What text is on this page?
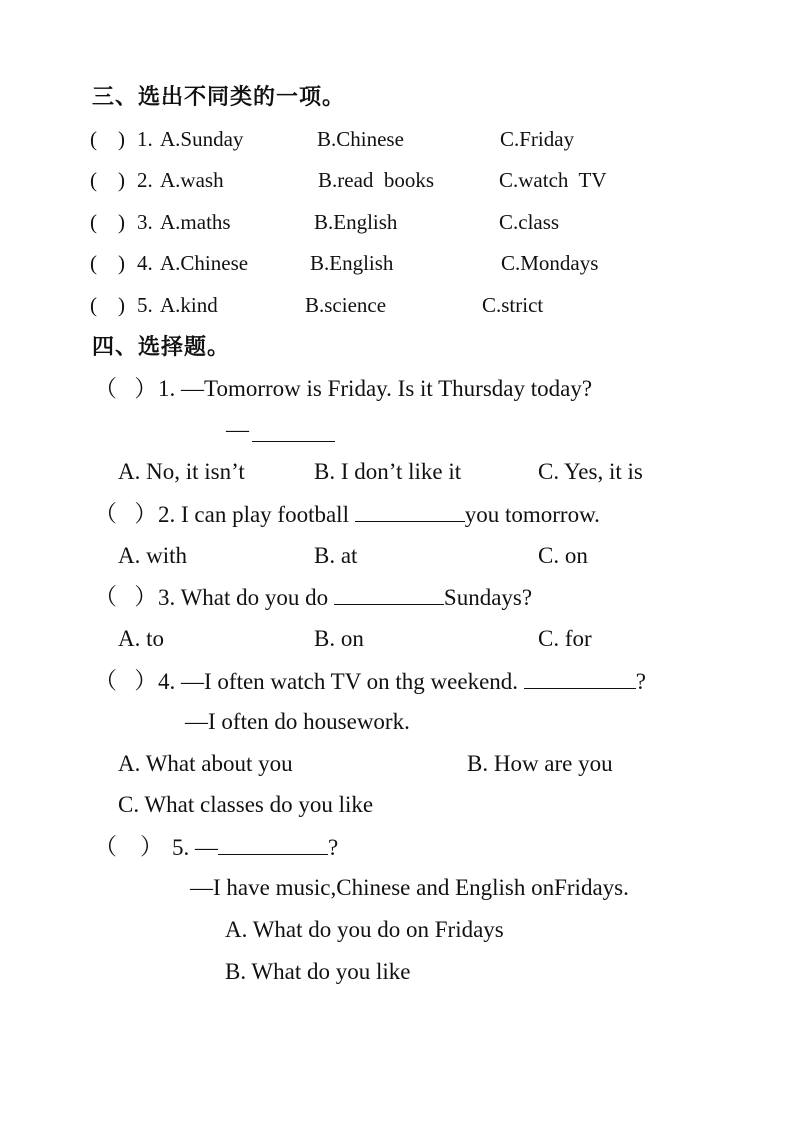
三、选出不同类的一项。
(    ) 1. A.Sunday	B.Chinese	C.Friday
(    ) 2. A.wash	B.read  books	C.watch  TV
(    ) 3. A.maths	B.English	C.class
(    ) 4. A.Chinese	B.English	C.Mondays
(    ) 5. A.kind	B.science	C.strict
四、选择题。
（   ） 1. —Tomorrow is Friday. Is it Thursday today?
—
A. No, it isn’t	B. I don’t like it	C. Yes, it is
（   ） 2. I can play football	you tomorrow.
A. with	B. at	C. on
（   ） 3. What do you do	Sundays?
A. to	B. on	C. for
（   ） 4. —I often watch TV on thg weekend.	?
—I often do housework.
A. What about you	B. How are you
C. What classes do you like
（    ） 5. —	?
—I have music,Chinese and English onFridays.
A. What do you do on Fridays
B. What do you like
